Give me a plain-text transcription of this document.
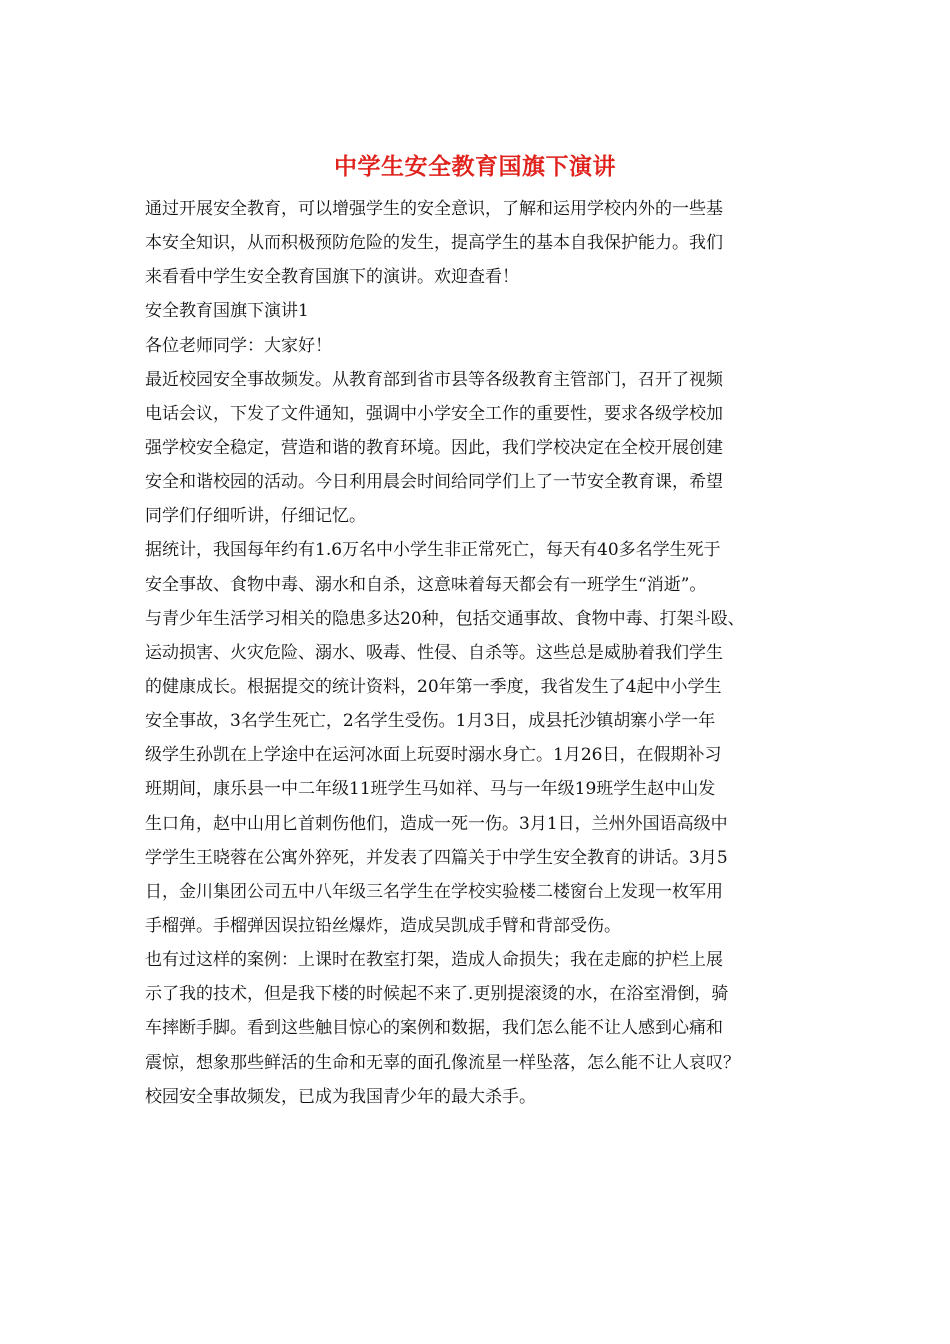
中学生安全教育国旗下演讲
通过开展安全教育，可以增强学生的安全意识，了解和运用学校内外的一些基
本安全知识，从而积极预防危险的发生，提高学生的基本自我保护能力。我们
来看看中学生安全教育国旗下的演讲。欢迎查看！
安全教育国旗下演讲1
各位老师同学：大家好！
最近校园安全事故频发。从教育部到省市县等各级教育主管部门，召开了视频
电话会议，下发了文件通知，强调中小学安全工作的重要性，要求各级学校加
强学校安全稳定，营造和谐的教育环境。因此，我们学校决定在全校开展创建
安全和谐校园的活动。今日利用晨会时间给同学们上了一节安全教育课，希望
同学们仔细听讲，仔细记忆。
据统计，我国每年约有1.6万名中小学生非正常死亡，每天有40多名学生死于
安全事故、食物中毒、溺水和自杀，这意味着每天都会有一班学生“消逝”。
与青少年生活学习相关的隐患多达20种，包括交通事故、食物中毒、打架斗殴、
运动损害、火灾危险、溺水、吸毒、性侵、自杀等。这些总是威胁着我们学生
的健康成长。根据提交的统计资料，20年第一季度，我省发生了4起中小学生
安全事故，3名学生死亡，2名学生受伤。1月3日，成县托沙镇胡寨小学一年
级学生孙凯在上学途中在运河冰面上玩耍时溺水身亡。1月26日，在假期补习
班期间，康乐县一中二年级11班学生马如祥、马与一年级19班学生赵中山发
生口角，赵中山用匕首刺伤他们，造成一死一伤。3月1日，兰州外国语高级中
学学生王晓蓉在公寓外猝死，并发表了四篇关于中学生安全教育的讲话。3月5
日，金川集团公司五中八年级三名学生在学校实验楼二楼窗台上发现一枚军用
手榴弹。手榴弹因误拉铅丝爆炸，造成吴凯成手臂和背部受伤。
也有过这样的案例：上课时在教室打架，造成人命损失；我在走廊的护栏上展
示了我的技术，但是我下楼的时候起不来了.更别提滚烫的水，在浴室滑倒，骑
车摔断手脚。看到这些触目惊心的案例和数据，我们怎么能不让人感到心痛和
震惊，想象那些鲜活的生命和无辜的面孔像流星一样坠落，怎么能不让人哀叹？
校园安全事故频发，已成为我国青少年的最大杀手。
